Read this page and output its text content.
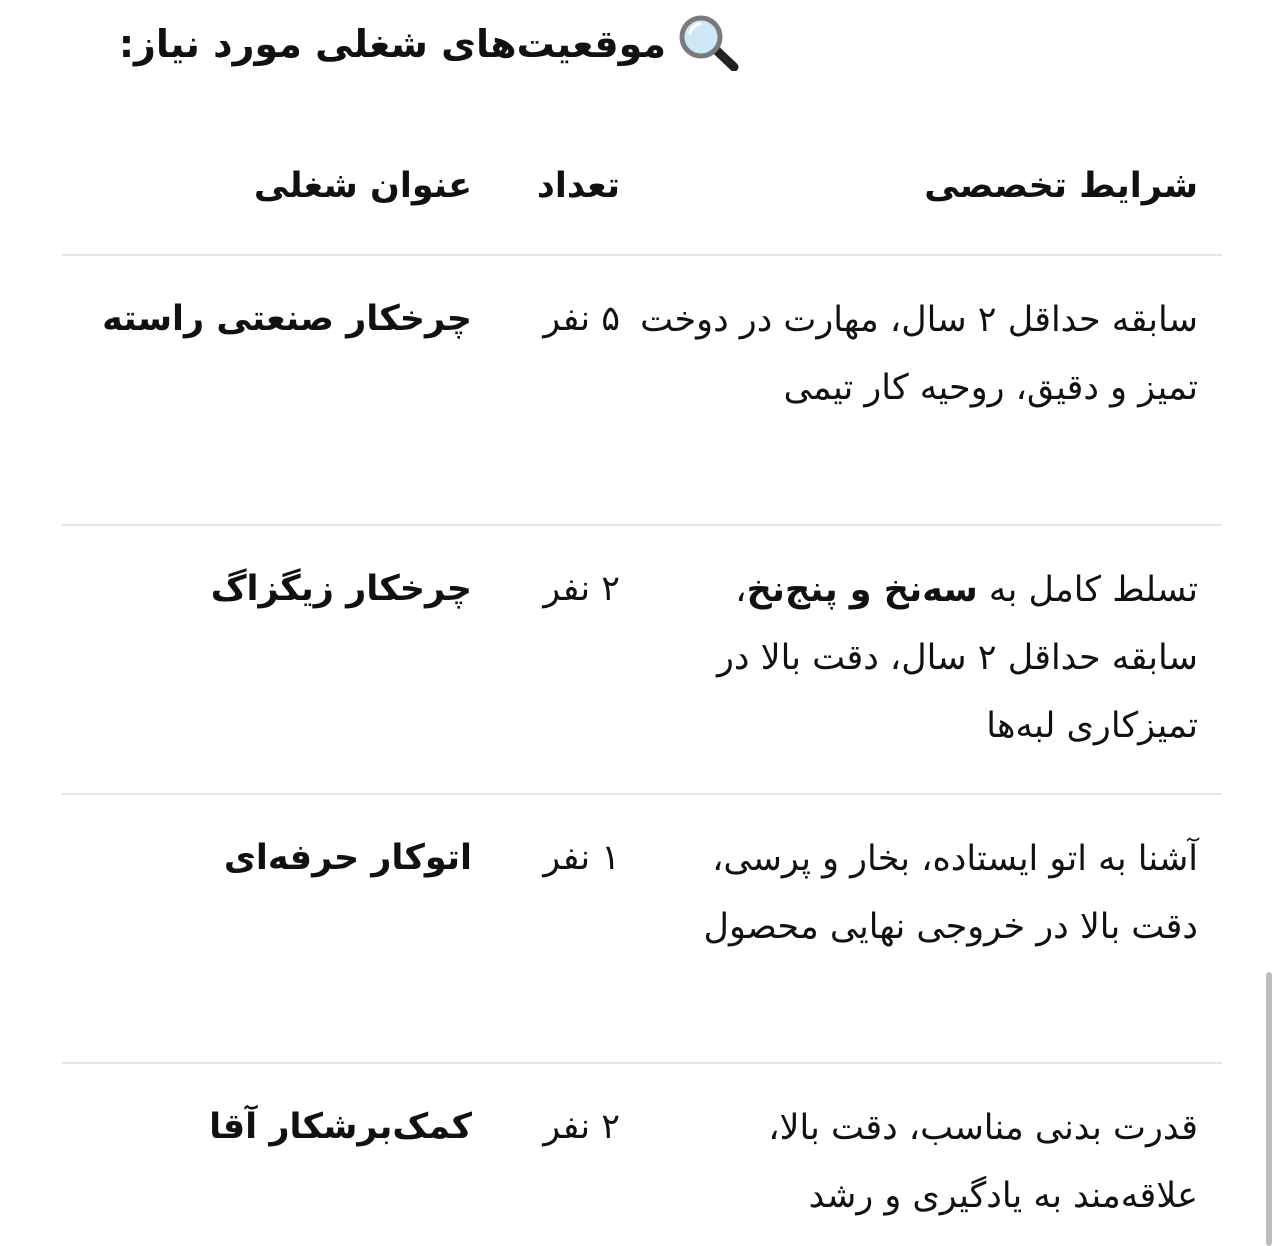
موقعیت‌های شغلی مورد نیاز:
شرایط تخصصی
تعداد
عنوان شغلی
سابقه حداقل ۲ سال، مهارت در دوخت تمیز و دقیق، روحیه کار تیمی
۵ نفر
چرخکار صنعتی راسته
تسلط کامل به سه‌نخ و پنج‌نخ، سابقه حداقل ۲ سال، دقت بالا در تمیزکاری لبه‌ها
۲ نفر
چرخکار زیگزاگ
آشنا به اتو ایستاده، بخار و پرسی، دقت بالا در خروجی نهایی محصول
۱ نفر
اتوکار حرفه‌ای
قدرت بدنی مناسب، دقت بالا، علاقه‌مند به یادگیری و رشد
۲ نفر
کمک‌برشکار آقا
